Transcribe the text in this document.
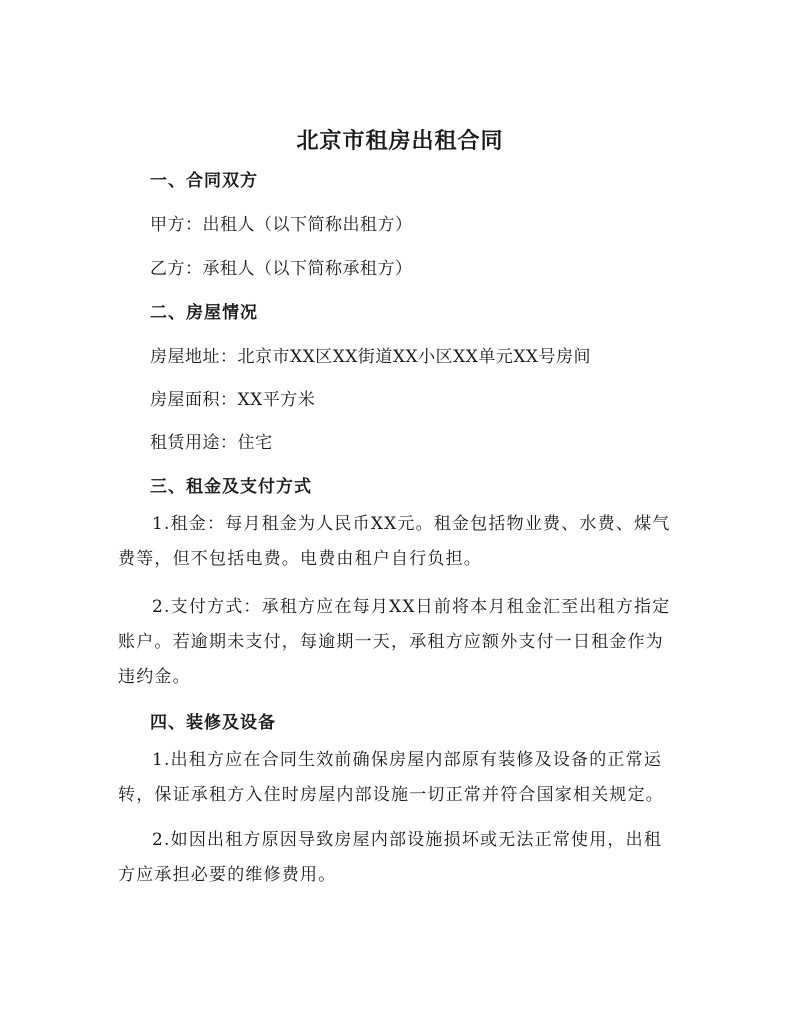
北京市租房出租合同
一、合同双方
甲方：出租人（以下简称出租方）
乙方：承租人（以下简称承租方）
二、房屋情况
房屋地址：北京市XX区XX街道XX小区XX单元XX号房间
房屋面积：XX平方米
租赁用途：住宅
三、租金及支付方式
1.租金：每月租金为人民币XX元。租金包括物业费、水费、煤气费等，但不包括电费。电费由租户自行负担。
2.支付方式：承租方应在每月XX日前将本月租金汇至出租方指定账户。若逾期未支付，每逾期一天，承租方应额外支付一日租金作为违约金。
四、装修及设备
1.出租方应在合同生效前确保房屋内部原有装修及设备的正常运转，保证承租方入住时房屋内部设施一切正常并符合国家相关规定。
2.如因出租方原因导致房屋内部设施损坏或无法正常使用，出租方应承担必要的维修费用。
